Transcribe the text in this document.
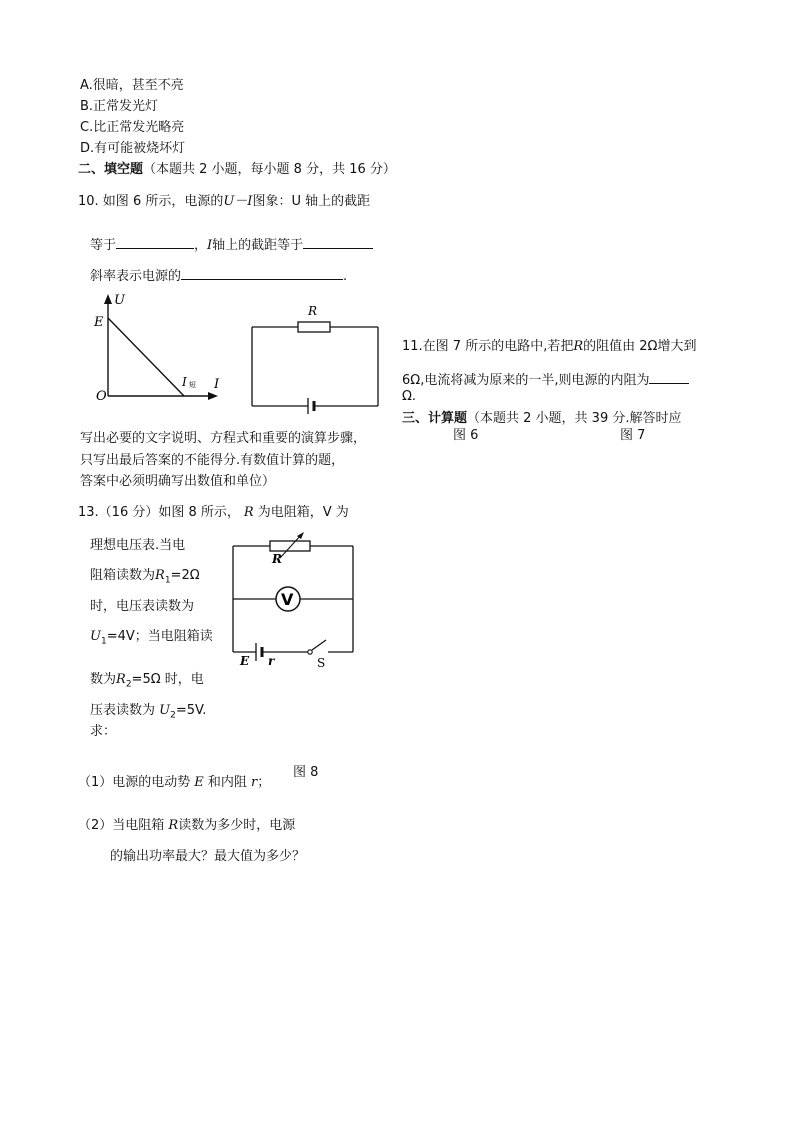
A.很暗，甚至不亮
B.正常发光灯
C.比正常发光略亮
D.有可能被烧坏灯
二、填空题（本题共 2 小题，每小题 8 分，共 16 分）
10. 如图 6 所示，电源的U－I图象：U 轴上的截距
等于	，I轴上的截距等于
斜率表示电源的	.
U
E
O
I 短 I
R
11.在图 7 所示的电路中,若把R的阻值由 2Ω增大到
6Ω,电流将减为原来的一半,则电源的内阻为
Ω.
三、计算题（本题共 2 小题，共 39 分.解答时应
图 6	图 7
写出必要的文字说明、方程式和重要的演算步骤，
只写出最后答案的不能得分.有数值计算的题，
答案中必须明确写出数值和单位）
13.（16 分）如图 8 所示， R 为电阻箱，V 为
理想电压表.当电
阻箱读数为$R_1=2\Omega$
时，电压表读数为
$U_1=4V$；当电阻箱读
数为$R_2=5\Omega$ 时，电
压表读数为 $U_2=5V$.
求：
V
R
E r	S
图 8
（1）电源的电动势 E 和内阻 r；
（2）当电阻箱 R读数为多少时，电源
的输出功率最大？最大值为多少？
